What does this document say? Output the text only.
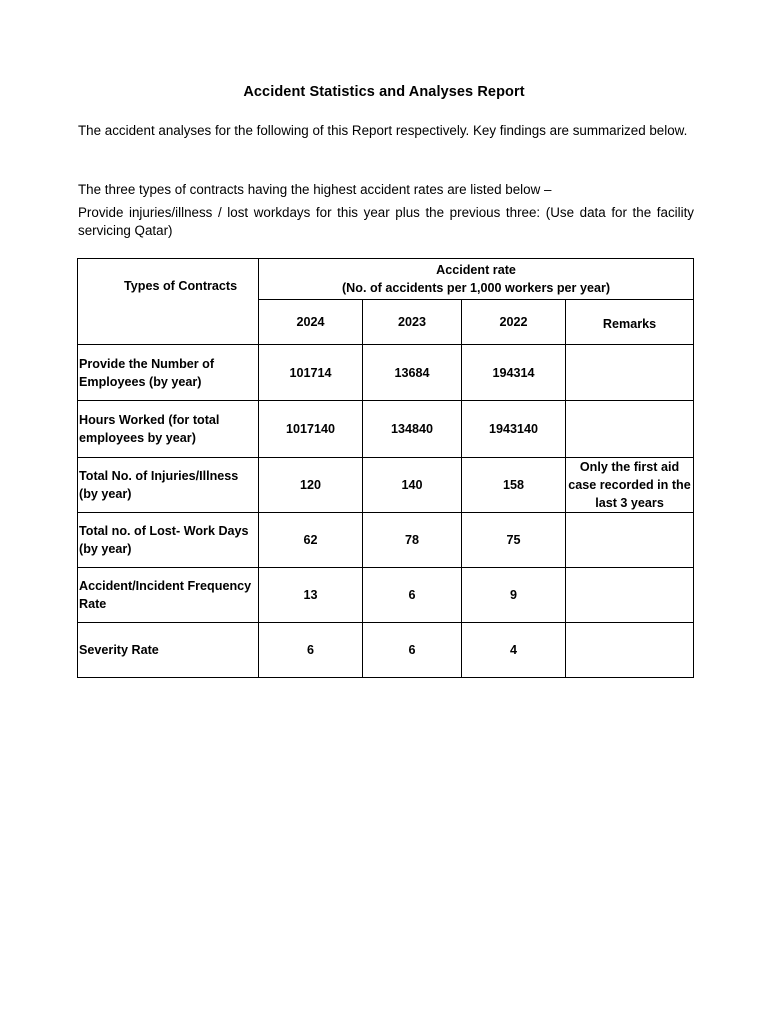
Accident Statistics and Analyses Report
The accident analyses for the following of this Report respectively. Key findings are summarized below.
The three types of contracts having the highest accident rates are listed below –
Provide injuries/illness / lost workdays for this year plus the previous three: (Use data for the facility servicing Qatar)
Types of Contracts	Accident rate
(No. of accidents per 1,000 workers per year)			

	2024	2023	2022	Remarks
Provide the Number of Employees (by year)	101714	13684	194314	
Hours Worked (for total employees by year)	1017140	134840	1943140	
Total No. of Injuries/Illness (by year)	120	140	158	Only the first aid case recorded in the last 3 years
Total no. of Lost- Work Days (by year)	62	78	75	
Accident/Incident Frequency Rate	13	6	9	
Severity Rate	6	6	4	
